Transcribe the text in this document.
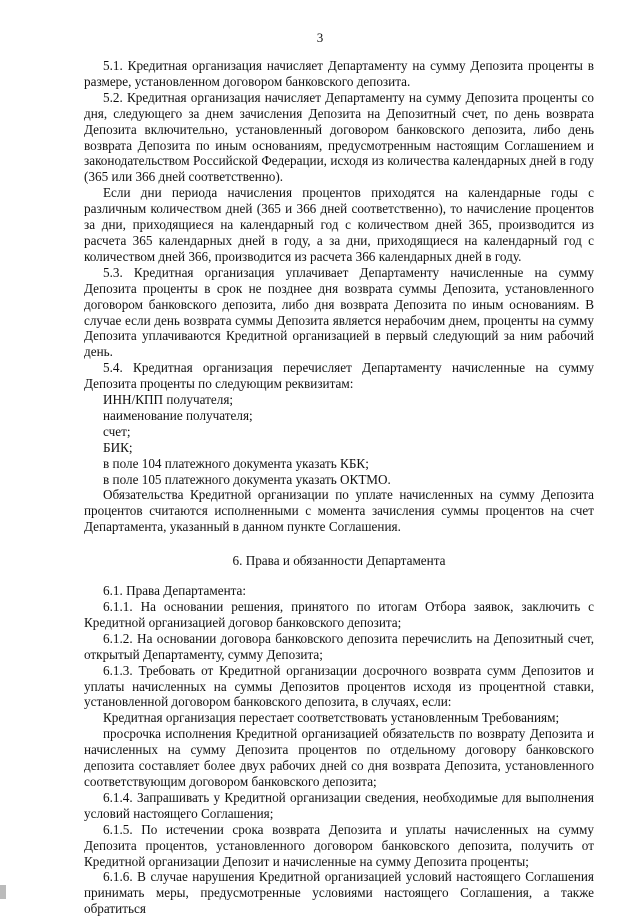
3

5.1. Кредитная организация начисляет Департаменту на сумму Депозита проценты в размере, установленном договором банковского депозита.

5.2. Кредитная организация начисляет Департаменту на сумму Депозита проценты со дня, следующего за днем зачисления Депозита на Депозитный счет, по день возврата Депозита включительно, установленный договором банковского депозита, либо день возврата Депозита по иным основаниям, предусмотренным настоящим Соглашением и законодательством Российской Федерации, исходя из количества календарных дней в году (365 или 366 дней соответственно).

Если дни периода начисления процентов приходятся на календарные годы с различным количеством дней (365 и 366 дней соответственно), то начисление процентов за дни, приходящиеся на календарный год с количеством дней 365, производится из расчета 365 календарных дней в году, а за дни, приходящиеся на календарный год с количеством дней 366, производится из расчета 366 календарных дней в году.

5.3. Кредитная организация уплачивает Департаменту начисленные на сумму Депозита проценты в срок не позднее дня возврата суммы Депозита, установленного договором банковского депозита, либо дня возврата Депозита по иным основаниям. В случае если день возврата суммы Депозита является нерабочим днем, проценты на сумму Депозита уплачиваются Кредитной организацией в первый следующий за ним рабочий день.

5.4. Кредитная организация перечисляет Департаменту начисленные на сумму Депозита проценты по следующим реквизитам:

ИНН/КПП получателя;

наименование получателя;

счет;

БИК;

в поле 104 платежного документа указать КБК;

в поле 105 платежного документа указать ОКТМО.

Обязательства Кредитной организации по уплате начисленных на сумму Депозита процентов считаются исполненными с момента зачисления суммы процентов на счет Департамента, указанный в данном пункте Соглашения.

6. Права и обязанности Департамента

6.1. Права Департамента:

6.1.1. На основании решения, принятого по итогам Отбора заявок, заключить с Кредитной организацией договор банковского депозита;

6.1.2. На основании договора банковского депозита перечислить на Депозитный счет, открытый Департаменту, сумму Депозита;

6.1.3. Требовать от Кредитной организации досрочного возврата сумм Депозитов и уплаты начисленных на суммы Депозитов процентов исходя из процентной ставки, установленной договором банковского депозита, в случаях, если:

Кредитная организация перестает соответствовать установленным Требованиям;

просрочка исполнения Кредитной организацией обязательств по возврату Депозита и начисленных на сумму Депозита процентов по отдельному договору банковского депозита составляет более двух рабочих дней со дня возврата Депозита, установленного соответствующим договором банковского депозита;

6.1.4. Запрашивать у Кредитной организации сведения, необходимые для выполнения условий настоящего Соглашения;

6.1.5. По истечении срока возврата Депозита и уплаты начисленных на сумму Депозита процентов, установленного договором банковского депозита, получить от Кредитной организации Депозит и начисленные на сумму Депозита проценты;

6.1.6. В случае нарушения Кредитной организацией условий настоящего Соглашения принимать меры, предусмотренные условиями настоящего Соглашения, а также обратиться
